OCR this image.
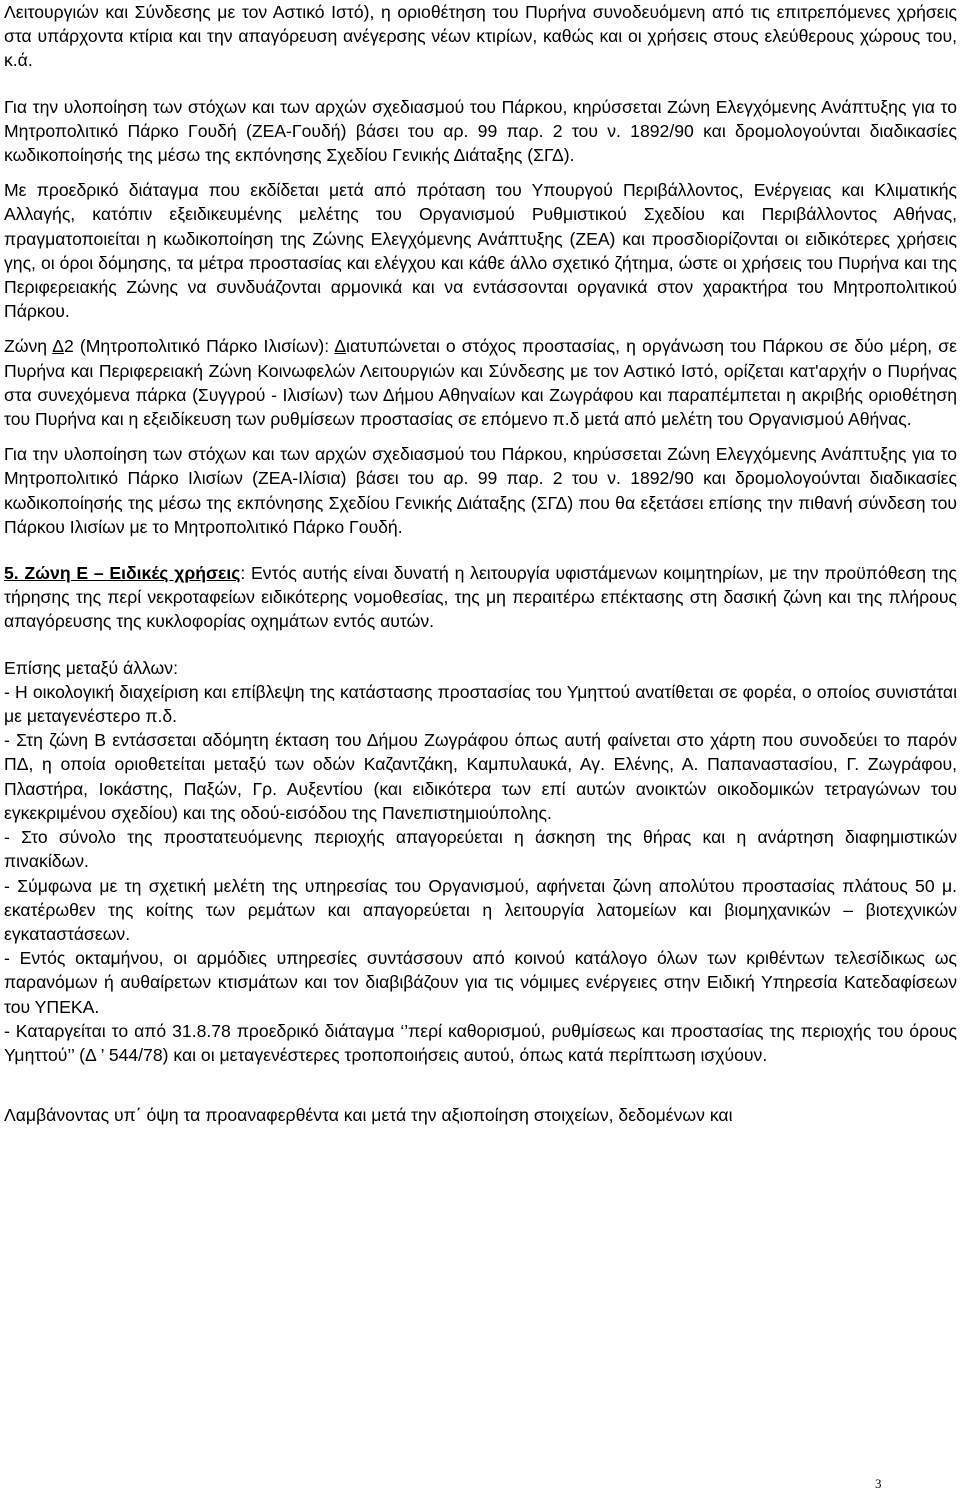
Λειτουργιών και Σύνδεσης με τον Αστικό Ιστό), η οριοθέτηση του Πυρήνα συνοδευόμενη από τις επιτρεπόμενες χρήσεις στα υπάρχοντα κτίρια και την απαγόρευση ανέγερσης νέων κτιρίων, καθώς και οι χρήσεις στους ελεύθερους χώρους του, κ.ά.

Για την υλοποίηση των στόχων και των αρχών σχεδιασμού του Πάρκου, κηρύσσεται Ζώνη Ελεγχόμενης Ανάπτυξης για το Μητροπολιτικό Πάρκο Γουδή (ΖΕΑ-Γουδή) βάσει του αρ. 99 παρ. 2 του ν. 1892/90 και δρομολογούνται διαδικασίες κωδικοποίησής της μέσω της εκπόνησης Σχεδίου Γενικής Διάταξης (ΣΓΔ).

Με προεδρικό διάταγμα που εκδίδεται μετά από πρόταση του Υπουργού Περιβάλλοντος, Ενέργειας και Κλιματικής Αλλαγής, κατόπιν εξειδικευμένης μελέτης του Οργανισμού Ρυθμιστικού Σχεδίου και Περιβάλλοντος Αθήνας, πραγματοποιείται η κωδικοποίηση της Ζώνης Ελεγχόμενης Ανάπτυξης (ΖΕΑ) και προσδιορίζονται οι ειδικότερες χρήσεις γης, οι όροι δόμησης, τα μέτρα προστασίας και ελέγχου και κάθε άλλο σχετικό ζήτημα, ώστε οι χρήσεις του Πυρήνα και της Περιφερειακής Ζώνης να συνδυάζονται αρμονικά και να εντάσσονται οργανικά στον χαρακτήρα του Μητροπολιτικού Πάρκου.

Ζώνη Δ2 (Μητροπολιτικό Πάρκο Ιλισίων): Διατυπώνεται ο στόχος προστασίας, η οργάνωση του Πάρκου σε δύο μέρη, σε Πυρήνα και Περιφερειακή Ζώνη Κοινωφελών Λειτουργιών και Σύνδεσης με τον Αστικό Ιστό, ορίζεται κατ'αρχήν ο Πυρήνας στα συνεχόμενα πάρκα (Συγγρού - Ιλισίων) των Δήμου Αθηναίων και Ζωγράφου και παραπέμπεται η ακριβής οριοθέτηση του Πυρήνα και η εξειδίκευση των ρυθμίσεων προστασίας σε επόμενο π.δ μετά από μελέτη του Οργανισμού Αθήνας.

Για την υλοποίηση των στόχων και των αρχών σχεδιασμού του Πάρκου, κηρύσσεται Ζώνη Ελεγχόμενης Ανάπτυξης για το Μητροπολιτικό Πάρκο Ιλισίων (ΖΕΑ-Ιλίσια) βάσει του αρ. 99 παρ. 2 του ν. 1892/90 και δρομολογούνται διαδικασίες κωδικοποίησής της μέσω της εκπόνησης Σχεδίου Γενικής Διάταξης (ΣΓΔ) που θα εξετάσει επίσης την πιθανή σύνδεση του Πάρκου Ιλισίων με το Μητροπολιτικό Πάρκο Γουδή.

5. Ζώνη Ε – Ειδικές χρήσεις: Εντός αυτής είναι δυνατή η λειτουργία υφιστάμενων κοιμητηρίων, με την προϋπόθεση της τήρησης της περί νεκροταφείων ειδικότερης νομοθεσίας, της μη περαιτέρω επέκτασης στη δασική ζώνη και της πλήρους απαγόρευσης της κυκλοφορίας οχημάτων εντός αυτών.

Επίσης μεταξύ άλλων:

- Η οικολογική διαχείριση και επίβλεψη της κατάστασης προστασίας του Υμηττού ανατίθεται σε φορέα, ο οποίος συνιστάται με μεταγενέστερο π.δ.

- Στη ζώνη Β εντάσσεται αδόμητη έκταση του Δήμου Ζωγράφου όπως αυτή φαίνεται στο χάρτη που συνοδεύει το παρόν ΠΔ, η οποία οριοθετείται μεταξύ των οδών Καζαντζάκη, Καμπυλαυκά, Αγ. Ελένης, Α. Παπαναστασίου, Γ. Ζωγράφου, Πλαστήρα, Ιοκάστης, Παξών, Γρ. Αυξεντίου (και ειδικότερα των επί αυτών ανοικτών οικοδομικών τετραγώνων του εγκεκριμένου σχεδίου) και της οδού-εισόδου της Πανεπιστημιούπολης.

- Στο σύνολο της προστατευόμενης περιοχής απαγορεύεται η άσκηση της θήρας και η ανάρτηση διαφημιστικών πινακίδων.

- Σύμφωνα με τη σχετική μελέτη της υπηρεσίας του Οργανισμού, αφήνεται ζώνη απολύτου προστασίας πλάτους 50 μ. εκατέρωθεν της κοίτης των ρεμάτων και απαγορεύεται η λειτουργία λατομείων και βιομηχανικών – βιοτεχνικών εγκαταστάσεων.

- Εντός οκταμήνου, οι αρμόδιες υπηρεσίες συντάσσουν από κοινού κατάλογο όλων των κριθέντων τελεσίδικως ως παρανόμων ή αυθαίρετων κτισμάτων και τον διαβιβάζουν για τις νόμιμες ενέργειες στην Ειδική Υπηρεσία Κατεδαφίσεων του ΥΠΕΚΑ.

- Καταργείται το από 31.8.78 προεδρικό διάταγμα ‘’περί καθορισμού, ρυθμίσεως και προστασίας της περιοχής του όρους Υμηττού’’ (Δ ’ 544/78) και οι μεταγενέστερες τροποποιήσεις αυτού, όπως κατά περίπτωση ισχύουν.

Λαμβάνοντας υπ΄ όψη τα προαναφερθέντα και μετά την αξιοποίηση στοιχείων, δεδομένων και

3
